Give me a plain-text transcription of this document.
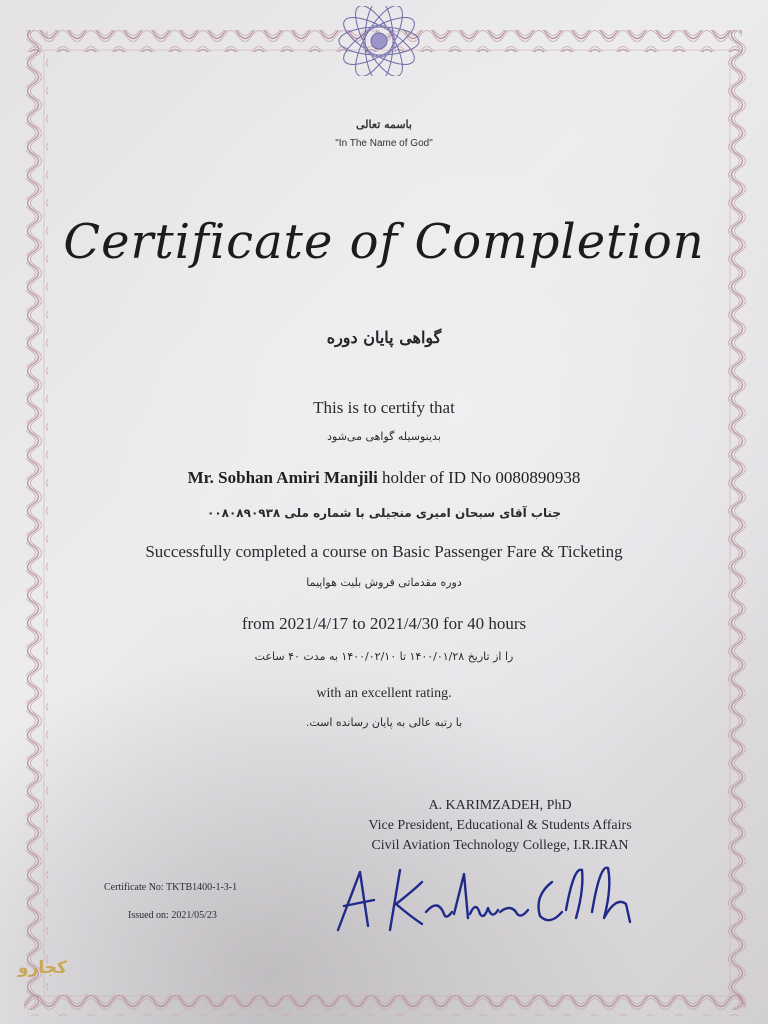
باسمه تعالی
"In The Name of God"
Certificate of Completion
گواهی پایان دوره
This is to certify that
بدینوسیله گواهی می‌شود
Mr. Sobhan Amiri Manjili holder of ID No 0080890938
جناب آقای سبحان امیری منجیلی با شماره ملی ۰۰۸۰۸۹۰۹۳۸
Successfully completed a course on Basic Passenger Fare & Ticketing
دوره مقدماتی فروش بلیت هواپیما
from 2021/4/17 to 2021/4/30 for 40 hours
را از تاریخ ۱۴۰۰/۰۱/۲۸ تا ۱۴۰۰/۰۲/۱۰ به مدت ۴۰ ساعت
with an excellent rating.
با رتبه عالی به پایان رسانده است.
A. KARIMZADEH, PhD
Vice President, Educational & Students Affairs
Civil Aviation Technology College, I.R.IRAN
Certificate No: TKTB1400-1-3-1
Issued on: 2021/05/23
کجارو
